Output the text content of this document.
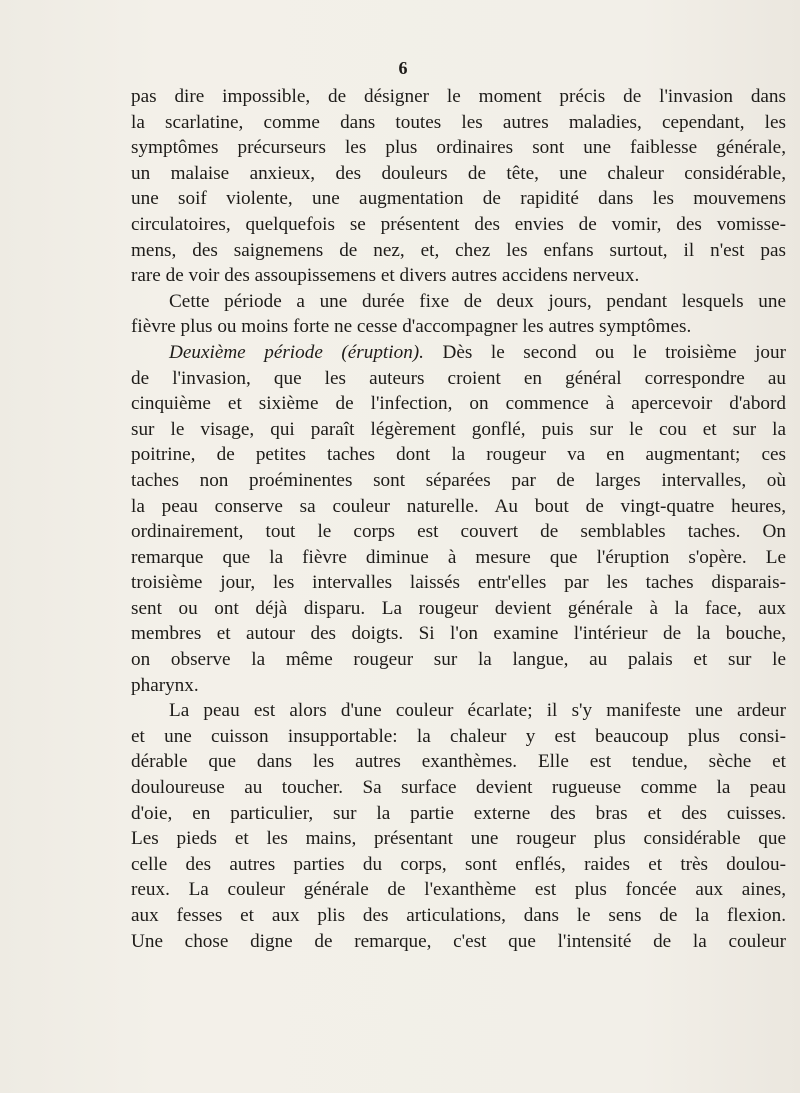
6
pas dire impossible, de désigner le moment précis de l'invasion dans
la scarlatine, comme dans toutes les autres maladies, cependant, les
symptômes précurseurs les plus ordinaires sont une faiblesse générale,
un malaise anxieux, des douleurs de tête, une chaleur considérable,
une soif violente, une augmentation de rapidité dans les mouvemens
circulatoires, quelquefois se présentent des envies de vomir, des vomisse-
mens, des saignemens de nez, et, chez les enfans surtout, il n'est pas
rare de voir des assoupissemens et divers autres accidens nerveux.
Cette période a une durée fixe de deux jours, pendant lesquels une
fièvre plus ou moins forte ne cesse d'accompagner les autres symptômes.
Deuxième période (éruption). Dès le second ou le troisième jour
de l'invasion, que les auteurs croient en général correspondre au
cinquième et sixième de l'infection, on commence à apercevoir d'abord
sur le visage, qui paraît légèrement gonflé, puis sur le cou et sur la
poitrine, de petites taches dont la rougeur va en augmentant; ces
taches non proéminentes sont séparées par de larges intervalles, où
la peau conserve sa couleur naturelle. Au bout de vingt-quatre heures,
ordinairement, tout le corps est couvert de semblables taches. On
remarque que la fièvre diminue à mesure que l'éruption s'opère. Le
troisième jour, les intervalles laissés entr'elles par les taches disparais-
sent ou ont déjà disparu. La rougeur devient générale à la face, aux
membres et autour des doigts. Si l'on examine l'intérieur de la bouche,
on observe la même rougeur sur la langue, au palais et sur le
pharynx.
La peau est alors d'une couleur écarlate; il s'y manifeste une ardeur
et une cuisson insupportable: la chaleur y est beaucoup plus consi-
dérable que dans les autres exanthèmes. Elle est tendue, sèche et
douloureuse au toucher. Sa surface devient rugueuse comme la peau
d'oie, en particulier, sur la partie externe des bras et des cuisses.
Les pieds et les mains, présentant une rougeur plus considérable que
celle des autres parties du corps, sont enflés, raides et très doulou-
reux. La couleur générale de l'exanthème est plus foncée aux aines,
aux fesses et aux plis des articulations, dans le sens de la flexion.
Une chose digne de remarque, c'est que l'intensité de la couleur
